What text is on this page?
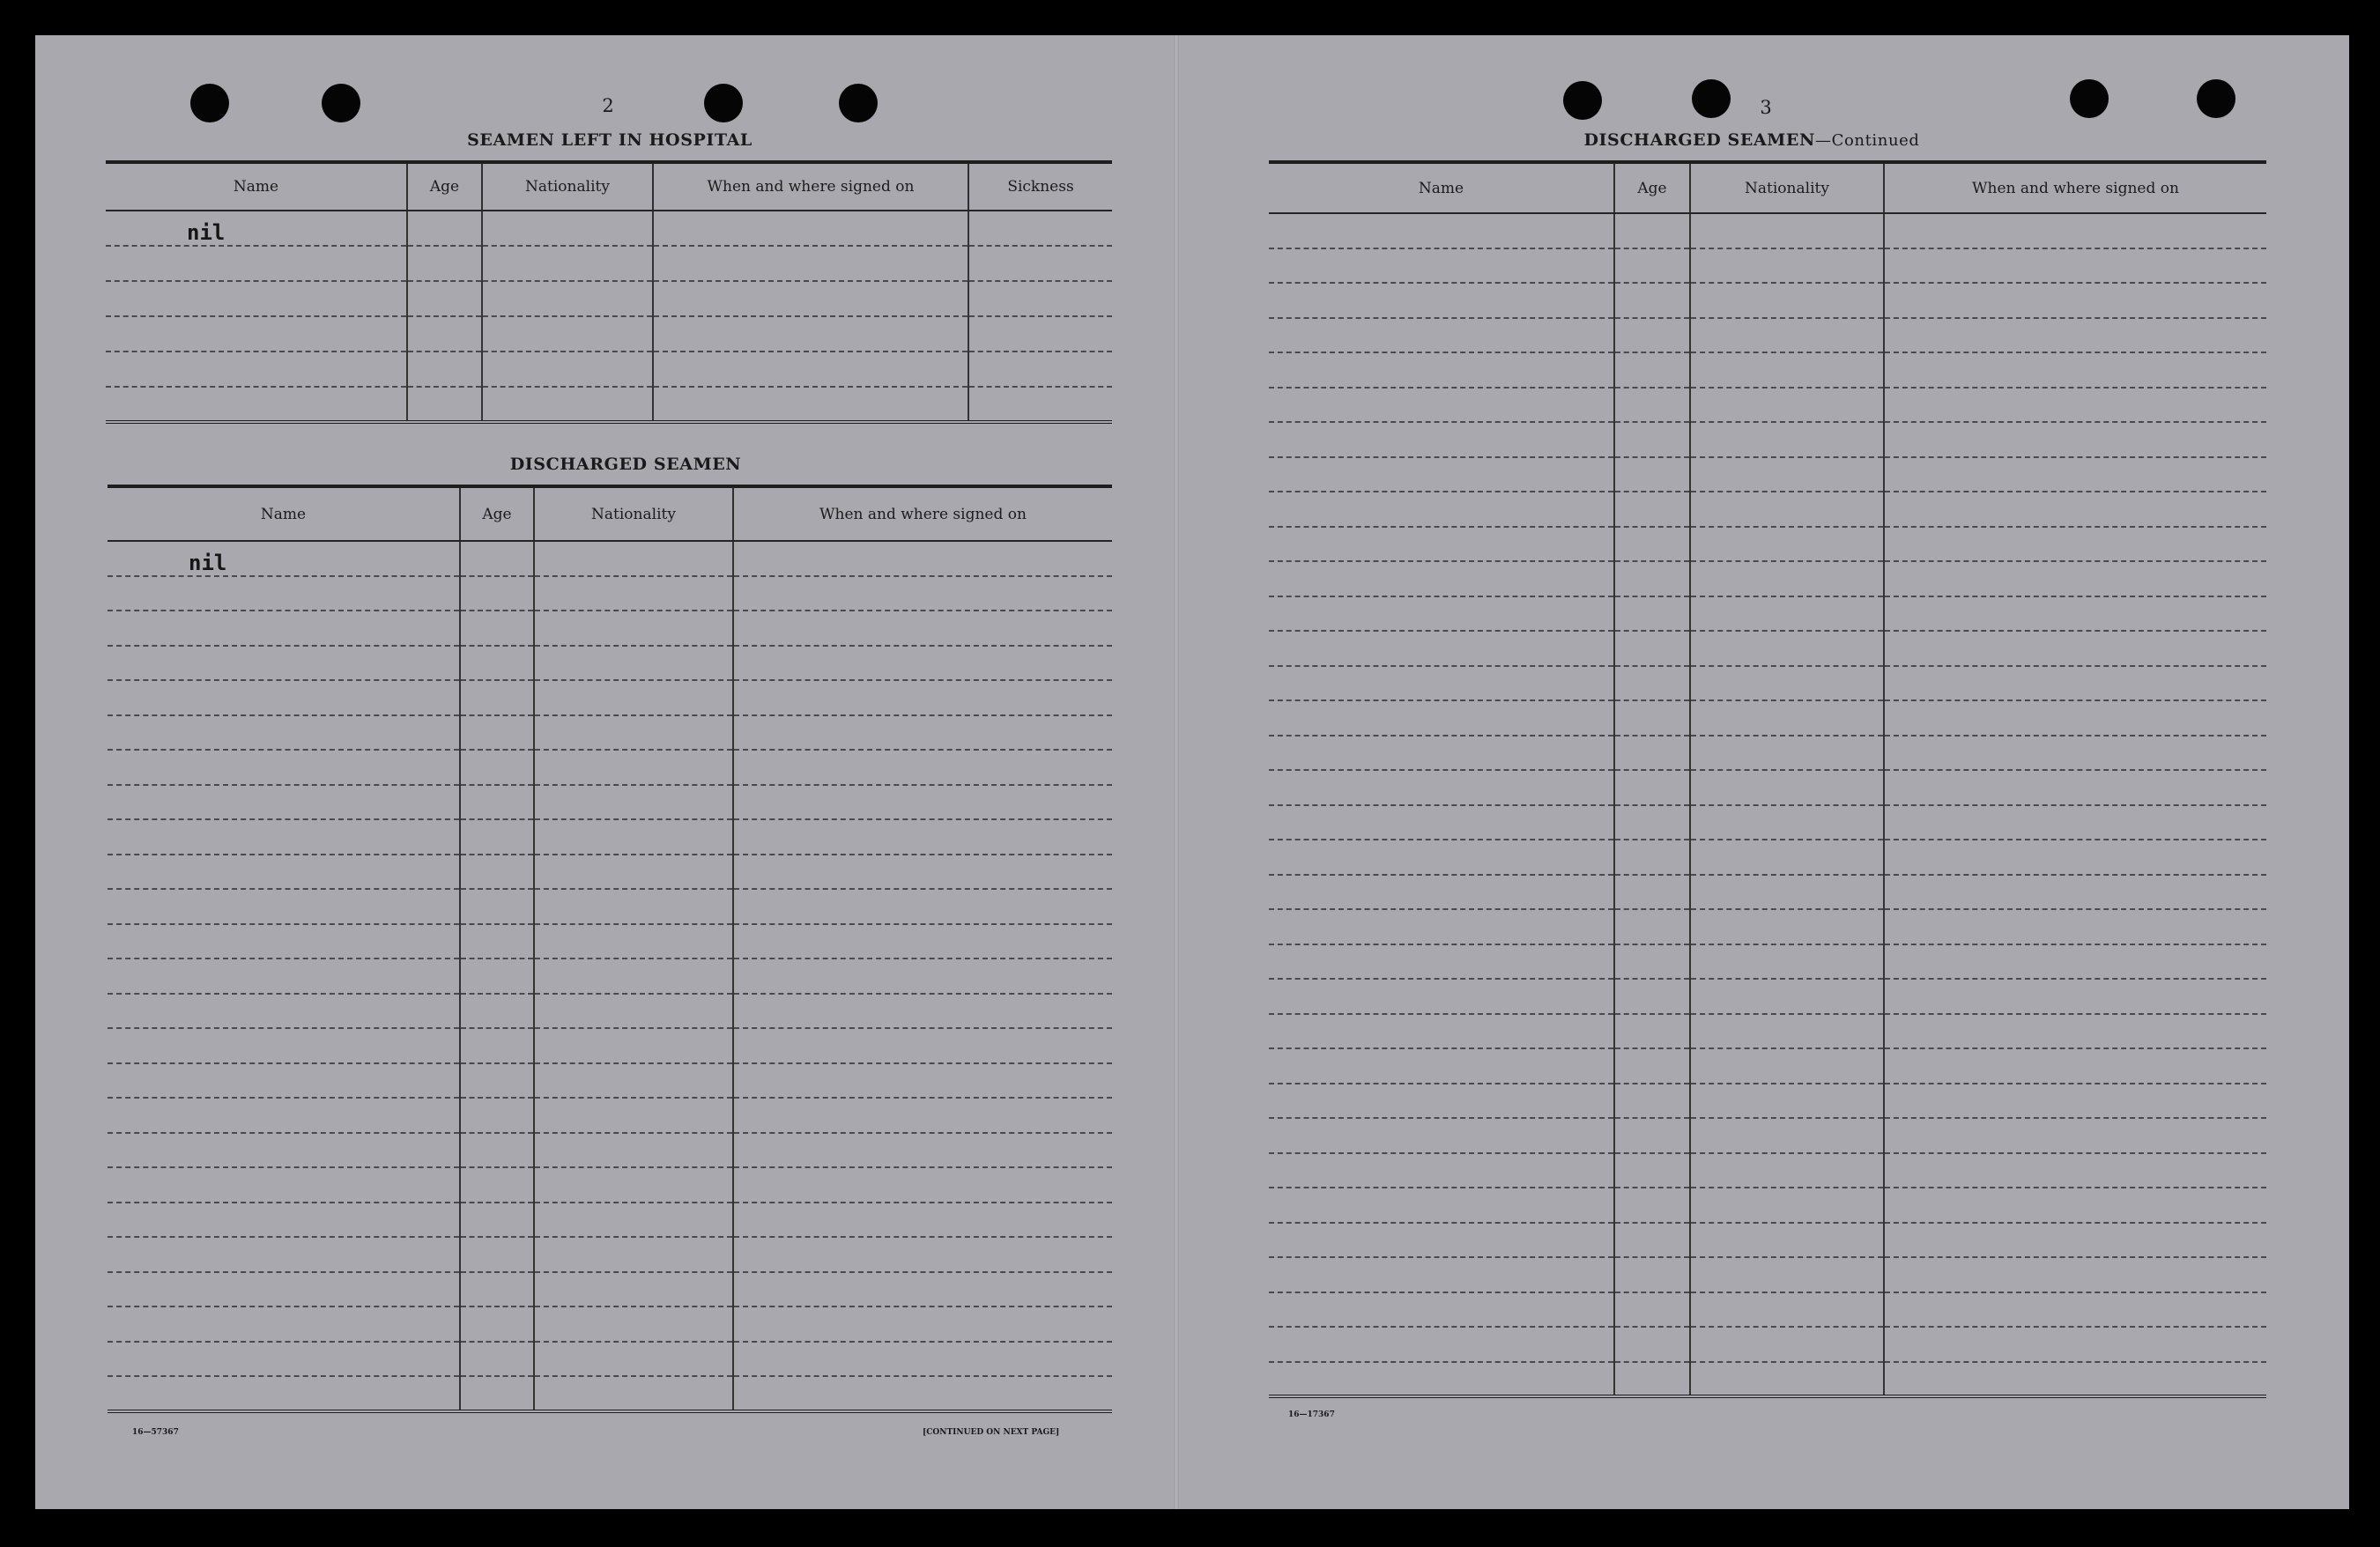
2
SEAMEN LEFT IN HOSPITAL
Name	Age	Nationality	When and where signed on	Sickness
nil				

DISCHARGED SEAMEN
Name	Age	Nationality	When and where signed on
nil			

16—57367	[CONTINUED ON NEXT PAGE]
3
DISCHARGED SEAMEN—Continued
Name	Age	Nationality	When and where signed on

16—17367
